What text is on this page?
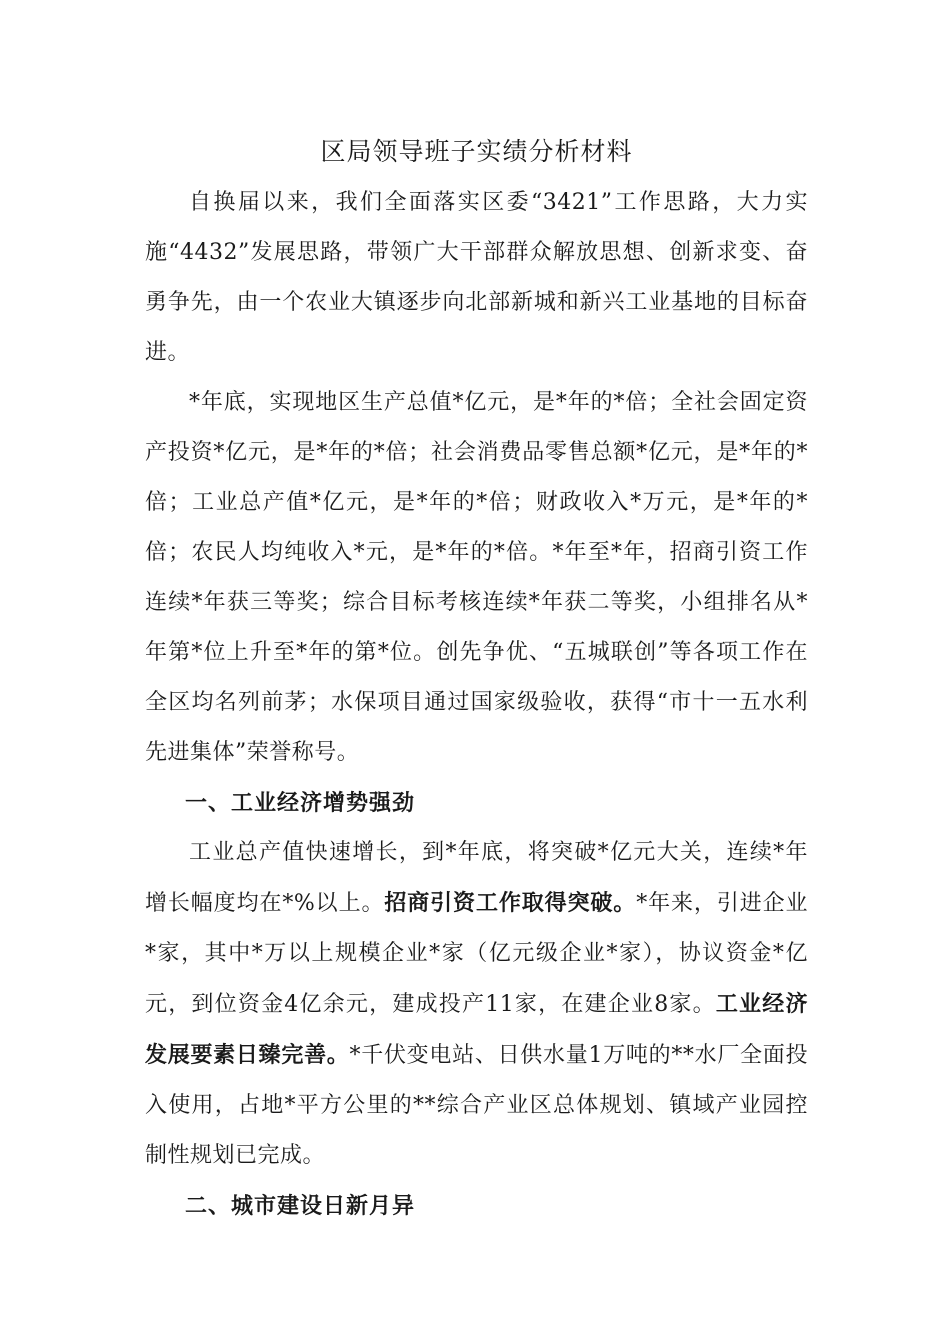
区局领导班子实绩分析材料

自换届以来，我们全面落实区委“3421”工作思路，大力实施“4432”发展思路，带领广大干部群众解放思想、创新求变、奋勇争先，由一个农业大镇逐步向北部新城和新兴工业基地的目标奋进。

*年底，实现地区生产总值*亿元，是*年的*倍；全社会固定资产投资*亿元，是*年的*倍；社会消费品零售总额*亿元，是*年的*倍；工业总产值*亿元，是*年的*倍；财政收入*万元，是*年的*倍；农民人均纯收入*元，是*年的*倍。*年至*年，招商引资工作连续*年获三等奖；综合目标考核连续*年获二等奖，小组排名从*年第*位上升至*年的第*位。创先争优、“五城联创”等各项工作在全区均名列前茅；水保项目通过国家级验收，获得“市十一五水利先进集体”荣誉称号。

一、工业经济增势强劲

工业总产值快速增长，到*年底，将突破*亿元大关，连续*年增长幅度均在*%以上。招商引资工作取得突破。*年来，引进企业*家，其中*万以上规模企业*家（亿元级企业*家），协议资金*亿元，到位资金4亿余元，建成投产11家，在建企业8家。工业经济发展要素日臻完善。*千伏变电站、日供水量1万吨的**水厂全面投入使用，占地*平方公里的**综合产业区总体规划、镇域产业园控制性规划已完成。

二、城市建设日新月异
